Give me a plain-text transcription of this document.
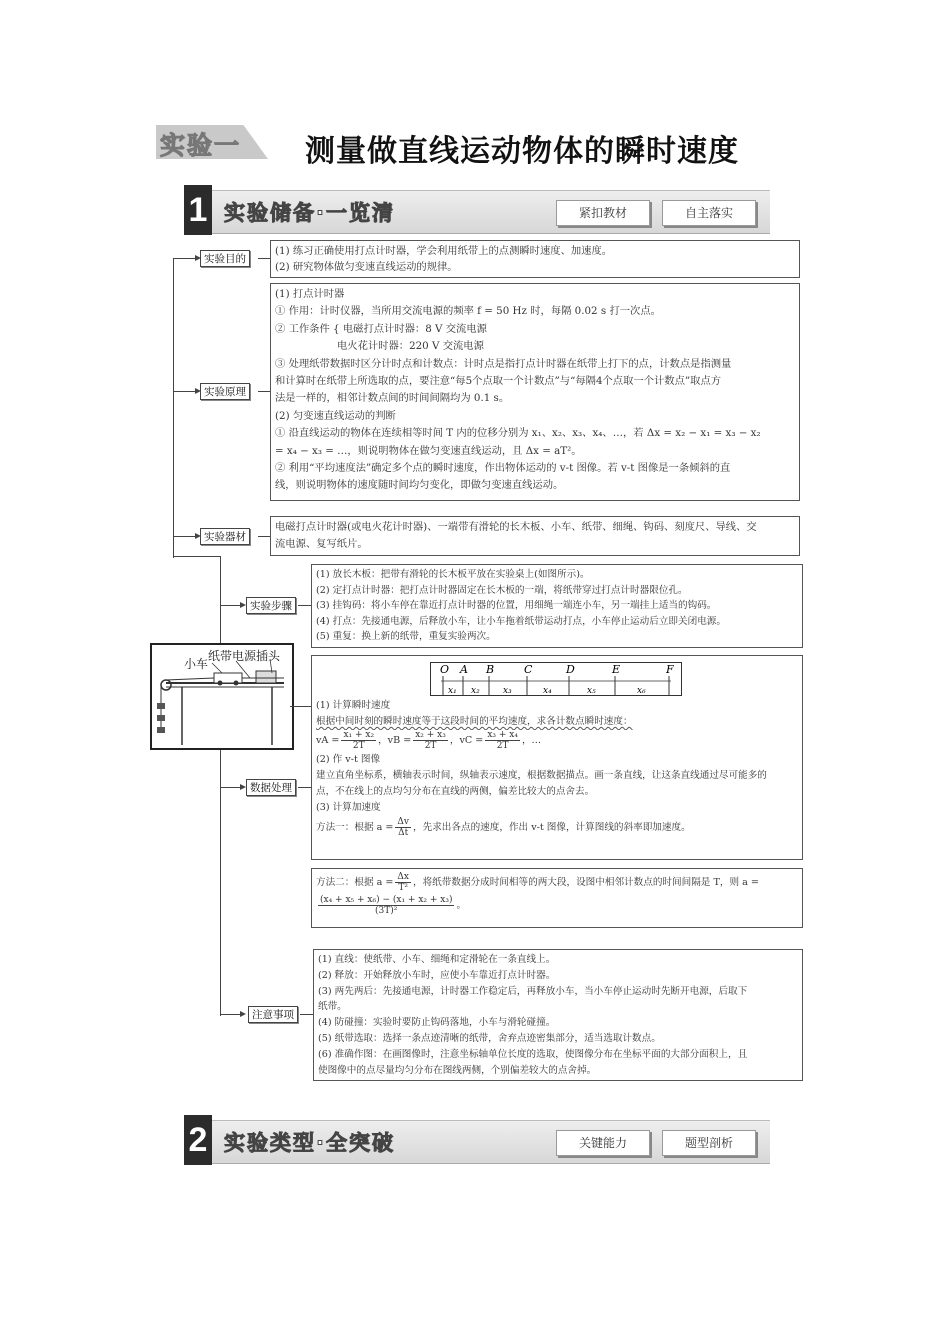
实验一 测量做直线运动物体的瞬时速度
1 实验储备·一览清	紧扣教材	自主落实
实验目的
实验原理
实验器材
实验步骤
数据处理
注意事项

(1) 练习正确使用打点计时器，学会利用纸带上的点测瞬时速度、加速度。

(2) 研究物体做匀变速直线运动的规律。

(1) 打点计时器

① 作用：计时仪器，当所用交流电源的频率 f = 50 Hz 时，每隔 0.02 s 打一次点。

② 工作条件 { 电磁打点计时器：8 V 交流电源

电火花计时器：220 V 交流电源

③ 处理纸带数据时区分计时点和计数点：计时点是指打点计时器在纸带上打下的点，计数点是指测量

和计算时在纸带上所选取的点，要注意“每5个点取一个计数点”与“每隔4个点取一个计数点”取点方

法是一样的，相邻计数点间的时间间隔均为 0.1 s。

(2) 匀变速直线运动的判断

① 沿直线运动的物体在连续相等时间 T 内的位移分别为 x₁、x₂、x₃、x₄、…，若 Δx = x₂ − x₁ = x₃ − x₂

= x₄ − x₃ = …，则说明物体在做匀变速直线运动，且 Δx = aT²。

② 利用“平均速度法”确定多个点的瞬时速度，作出物体运动的 v-t 图像。若 v-t 图像是一条倾斜的直

线，则说明物体的速度随时间均匀变化，即做匀变速直线运动。

电磁打点计时器(或电火花计时器)、一端带有滑轮的长木板、小车、纸带、细绳、钩码、刻度尺、导线、交

流电源、复写纸片。

(1) 放长木板：把带有滑轮的长木板平放在实验桌上(如图所示)。

(2) 定打点计时器：把打点计时器固定在长木板的一端，将纸带穿过打点计时器限位孔。

(3) 挂钩码：将小车停在靠近打点计时器的位置，用细绳一端连小车，另一端挂上适当的钩码。

(4) 打点：先接通电源，后释放小车，让小车拖着纸带运动打点，小车停止运动后立即关闭电源。

(5) 重复：换上新的纸带，重复实验两次。

小车
纸带 电源插头
O A B	C	D	E	F
x₁ x₂	x₃	x₄	x₅	x₆

(1) 计算瞬时速度

根据中间时刻的瞬时速度等于这段时间的平均速度，求各计数点瞬时速度：

vA = $\frac{\text{x₁ + x₂}}{2T}$ ，vB = $\frac{\text{x₂ + x₃}}{2T}$ ，vC = $\frac{\text{x₃ + x₄}}{2T}$ ，…

(2) 作 v-t 图像

建立直角坐标系，横轴表示时间，纵轴表示速度，根据数据描点。画一条直线，让这条直线通过尽可能多的

点，不在线上的点均匀分布在直线的两侧，偏差比较大的点舍去。

(3) 计算加速度

方法一：根据 $a = \frac{\Delta v}{\Delta t}$ ，先求出各点的速度，作出 v-t 图像，计算图线的斜率即加速度。

方法二：根据 $a = \frac{\Delta x}{\text{T²}}$ ，将纸带数据分成时间相等的两大段，设图中相邻计数点的时间间隔是 T，则 a =

$\frac{\text{(x₄ + x₅ + x₆) − (x₁ + x₂ + x₃)}}{\text{(3T)²}}$ 。

(1) 直线：使纸带、小车、细绳和定滑轮在一条直线上。

(2) 释放：开始释放小车时，应使小车靠近打点计时器。

(3) 两先两后：先接通电源，计时器工作稳定后，再释放小车，当小车停止运动时先断开电源，后取下

纸带。

(4) 防碰撞：实验时要防止钩码落地，小车与滑轮碰撞。

(5) 纸带选取：选择一条点迹清晰的纸带，舍弃点迹密集部分，适当选取计数点。

(6) 准确作图：在画图像时，注意坐标轴单位长度的选取，使图像分布在坐标平面的大部分面积上，且

使图像中的点尽量均匀分布在图线两侧，个别偏差较大的点舍掉。

2 实验类型·全突破	关键能力	题型剖析
